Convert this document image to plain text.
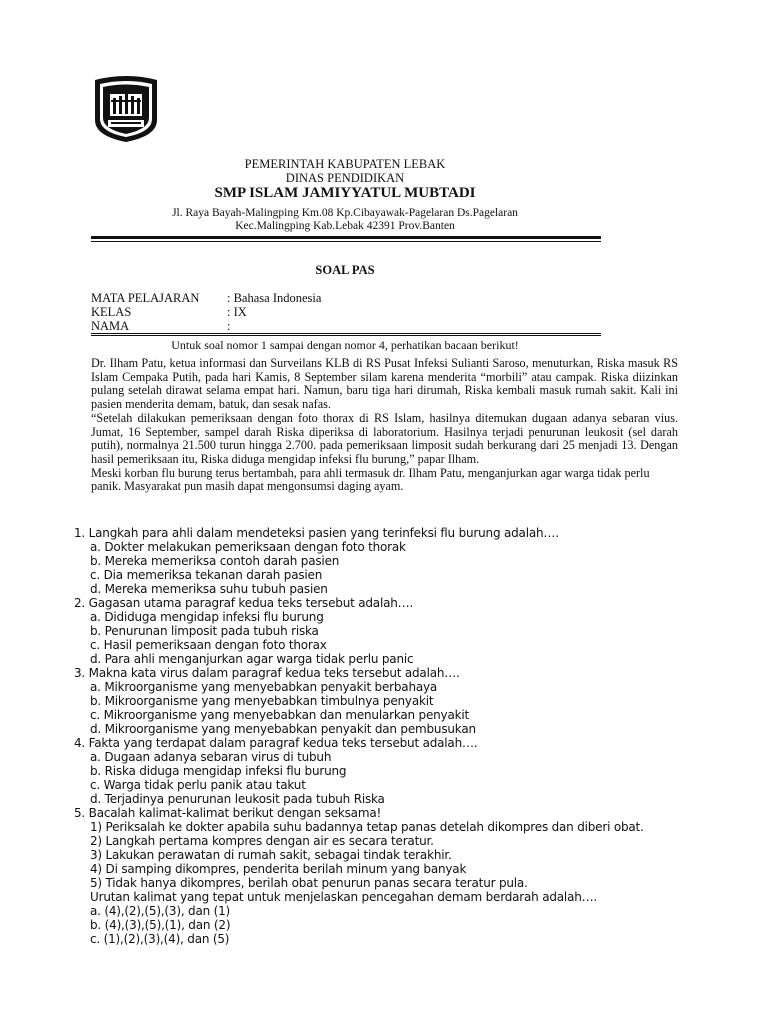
PEMERINTAH KABUPATEN LEBAK
DINAS PENDIDIKAN
SMP ISLAM JAMIYYATUL MUBTADI
Jl. Raya Bayah-Malingping Km.08 Kp.Cibayawak-Pagelaran Ds.Pagelaran
Kec.Malingping Kab.Lebak 42391 Prov.Banten
SOAL PAS
MATA PELAJARAN : Bahasa Indonesia
KELAS	: IX
NAMA	:
Untuk soal nomor 1 sampai dengan nomor 4, perhatikan bacaan berikut!

Dr. Ilham Patu, ketua informasi dan Surveilans KLB di RS Pusat Infeksi Sulianti Saroso, menuturkan, Riska masuk RS Islam Cempaka Putih, pada hari Kamis, 8 September silam karena menderita “morbili” atau campak. Riska diizinkan pulang setelah dirawat selama empat hari. Namun, baru tiga hari dirumah, Riska kembali masuk rumah sakit. Kali ini pasien menderita demam, batuk, dan sesak nafas.

“Setelah dilakukan pemeriksaan dengan foto thorax di RS Islam, hasilnya ditemukan dugaan adanya sebaran vius. Jumat, 16 September, sampel darah Riska diperiksa di laboratorium. Hasilnya terjadi penurunan leukosit (sel darah putih), normalnya 21.500 turun hingga 2.700. pada pemeriksaan limposit sudah berkurang dari 25 menjadi 13. Dengan hasil pemeriksaan itu, Riska diduga mengidap infeksi flu burung,” papar Ilham.

Meski korban flu burung terus bertambah, para ahli termasuk dr. Ilham Patu, menganjurkan agar warga tidak perlu panik. Masyarakat pun masih dapat mengonsumsi daging ayam.

1. Langkah para ahli dalam mendeteksi pasien yang terinfeksi flu burung adalah….
a. Dokter melakukan pemeriksaan dengan foto thorak
b. Mereka memeriksa contoh darah pasien
c. Dia memeriksa tekanan darah pasien
d. Mereka memeriksa suhu tubuh pasien
2. Gagasan utama paragraf kedua teks tersebut adalah….
a. Dididuga mengidap infeksi flu burung
b. Penurunan limposit pada tubuh riska
c. Hasil pemeriksaan dengan foto thorax
d. Para ahli menganjurkan agar warga tidak perlu panic
3. Makna kata virus dalam paragraf kedua teks tersebut adalah….
a. Mikroorganisme yang menyebabkan penyakit berbahaya
b. Mikroorganisme yang menyebabkan timbulnya penyakit
c. Mikroorganisme yang menyebabkan dan menularkan penyakit
d. Mikroorganisme yang menyebabkan penyakit dan pembusukan
4. Fakta yang terdapat dalam paragraf kedua teks tersebut adalah….
a. Dugaan adanya sebaran virus di tubuh
b. Riska diduga mengidap infeksi flu burung
c. Warga tidak perlu panik atau takut
d. Terjadinya penurunan leukosit pada tubuh Riska
5. Bacalah kalimat-kalimat berikut dengan seksama!
1) Periksalah ke dokter apabila suhu badannya tetap panas detelah dikompres dan diberi obat.
2) Langkah pertama kompres dengan air es secara teratur.
3) Lakukan perawatan di rumah sakit, sebagai tindak terakhir.
4) Di samping dikompres, penderita berilah minum yang banyak
5) Tidak hanya dikompres, berilah obat penurun panas secara teratur pula.
Urutan kalimat yang tepat untuk menjelaskan pencegahan demam berdarah adalah….
a. (4),(2),(5),(3), dan (1)
b. (4),(3),(5),(1), dan (2)
c. (1),(2),(3),(4), dan (5)
